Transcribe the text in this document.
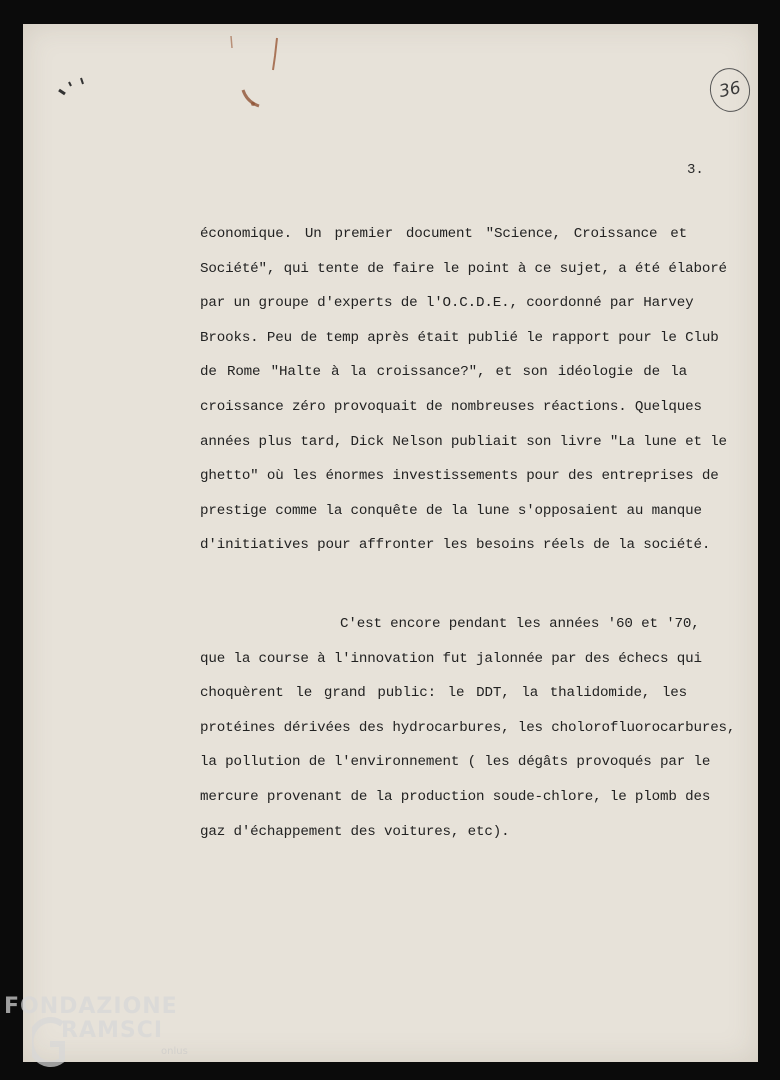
36
3.

économique. Un premier document "Science, Croissance et
Société", qui tente de faire le point à ce sujet, a été élaboré
par un groupe d'experts de l'O.C.D.E., coordonné par Harvey
Brooks. Peu de temp après était publié le rapport pour le Club
de Rome "Halte à la croissance?", et son idéologie de la
croissance zéro provoquait de nombreuses réactions. Quelques
années plus tard, Dick Nelson publiait son livre "La lune et le
ghetto" où les énormes investissements pour des entreprises de
prestige comme la conquête de la lune s'opposaient au manque
d'initiatives pour affronter les besoins réels de la société.

C'est encore pendant les années '60 et '70,
que la course à l'innovation fut jalonnée par des échecs qui
choquèrent le grand public: le DDT, la thalidomide, les
protéines dérivées des hydrocarbures, les cholorofluorocarbures,
la pollution de l'environnement ( les dégâts provoqués par le
mercure provenant de la production soude-chlore, le plomb des
gaz d'échappement des voitures, etc).

FONDAZIONE
RAMSCI
onlus
